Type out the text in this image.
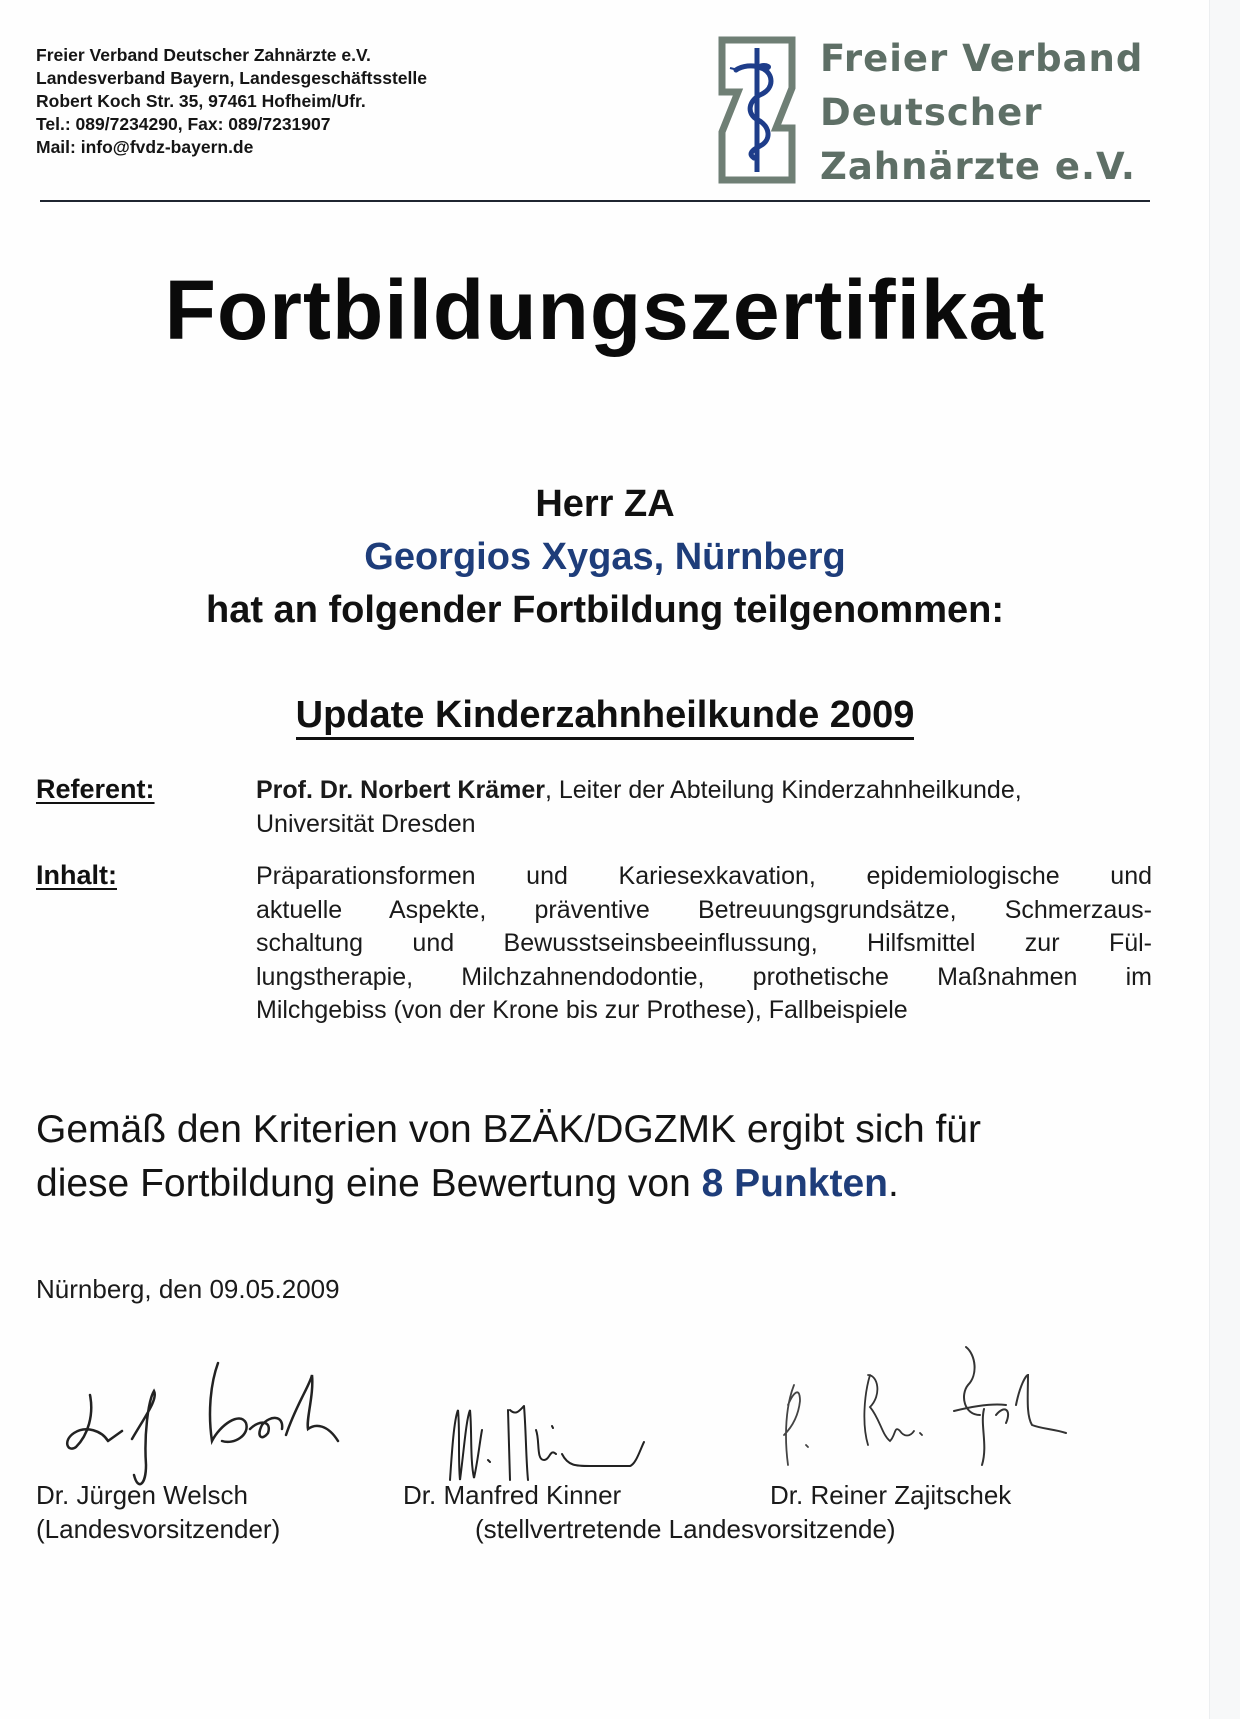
Freier Verband Deutscher Zahnärzte e.V.
Landesverband Bayern, Landesgeschäftsstelle
Robert Koch Str. 35, 97461 Hofheim/Ufr.
Tel.: 089/7234290, Fax: 089/7231907
Mail: info@fvdz-bayern.de
Freier Verband
Deutscher
Zahnärzte e.V.
Fortbildungszertifikat
Herr ZA
Georgios Xygas, Nürnberg
hat an folgender Fortbildung teilgenommen:
Update Kinderzahnheilkunde 2009
Referent:	Prof. Dr. Norbert Krämer, Leiter der Abteilung Kinderzahnheilkunde,
Universität Dresden
Inhalt:	Präparationsformen und Kariesexkavation, epidemiologische und
aktuelle Aspekte, präventive Betreuungsgrundsätze, Schmerzaus-
schaltung und Bewusstseinsbeeinflussung, Hilfsmittel zur Fül-
lungstherapie, Milchzahnendodontie, prothetische Maßnahmen im
Milchgebiss (von der Krone bis zur Prothese), Fallbeispiele
Gemäß den Kriterien von BZÄK/DGZMK ergibt sich für
diese Fortbildung eine Bewertung von 8 Punkten.
Nürnberg, den 09.05.2009
Dr. Jürgen Welsch
(Landesvorsitzender)
Dr. Manfred Kinner	Dr. Reiner Zajitschek
(stellvertretende Landesvorsitzende)
